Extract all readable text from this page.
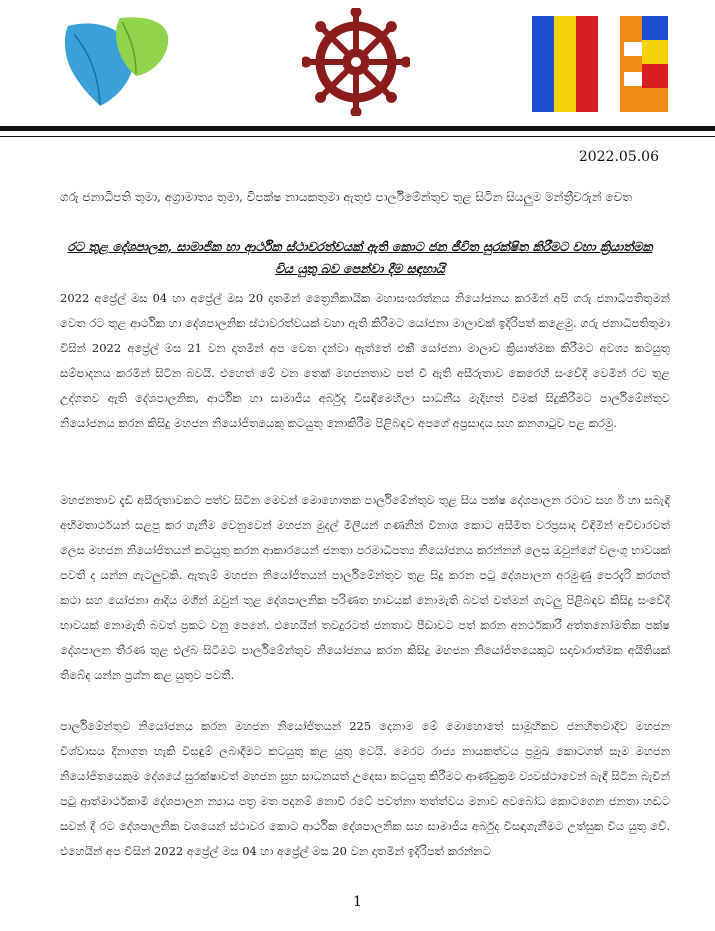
2022.05.06
ගරු ජනාධිපති තුමා, අග්‍රාමාත්‍ය තුමා, විපක්ෂ නායකතුමා ඇතුළු පාර්ලිමේන්තුව තුළ සිටින සියලුම මන්ත්‍රීවරුන් වෙත
රට තුළ දේශපාලන, සාමාජික හා ආර්ථික ස්ථාවරත්වයක් ඇති කොට ජන ජීවිත සුරක්ෂිත කිරීමට වහා ක්‍රියාත්මක විය යුතු බව පෙන්වා දීම සඳහායි
2022 අප්‍රේල් මස 04 හා අප්‍රේල් මස 20 දාතමින් ත්‍රෛනිකායික මහාසංඝරත්නය නියෝජනය කරමින් අපි ගරු ජනාධිපතිතුමන් වෙත රට තුළ ආර්ථික හා දේශපාලනික ස්ථාවරත්වයක් වහා ඇති කිරීමට යෝජනා මාලාවක් ඉදිරිපත් කළෙමු. ගරු ජනාධිපතිතුමා විසින් 2022 අප්‍රේල් මස 21 වන දාතමින් අප වෙත දන්වා ඇත්තේ එකී යෝජනා මාලාව ක්‍රියාත්මක කිරීමට අවශ්‍ය කටයුතු සම්පාදනය කරමින් සිටින බවයි. එහෙත් මේ වන තෙක් මහජනතාව පත් වී ඇති අසීරුතාව කෙරෙහි සංවේදී වෙමින් රට තුළ උද්ගතව ඇති දේශපාලනික, ආර්ථික හා සාමාජීය අර්බුද විසඳීමෙහිලා සාධනීය මැදිහත් වීමක් සිදුකිරීමට පාර්ලිමේන්තුව නියෝජනය කරන කිසිදු මහජන නියෝජිතයෙකු කටයුතු නොකිරීම පිළිබඳව අපගේ අප්‍රසාදය සහ කනගාටුව පළ කරමු.
මහජනතාව දැඩි අසීරුතාවකට පත්ව සිටින මෙවන් මොහොතක පාර්ලිමේන්තුව තුළ සිය පක්ෂ දේශපාලන රටාව සහ ඊ හා සබැඳි අභිමතාර්ථයන් සළපු කර ගැනීම වෙනුවෙන් මහජන මුදල් මිලියන් ගණනින් විනාශ කොට අසීමිත වරප්‍රසාද විඳිමින් අවිචාරවත් ලෙස මහජන නියෝජිතයන් කටයුතු කරන ආකාරයෙන් ජනතා පරමාධිපත්‍ය නියෝජනය කරන්නන් ලෙස ඔවුන්ගේ වලංගු භාවයක් පවතී ද යන්න ගැටලුවකි. ඇතැම් මහජන නියෝජිතයන් පාර්ලිමේන්තුව තුළ සිදු කරන පටු දේශපාලන අරමුණු පෙරදැරි කරගත් කථා සහ යෝජනා ආදිය මගින් ඔවුන් තුළ දේශපාලනික පරිණත භාවයක් නොමැති බවත් වත්මන් ගැටලු පිළිබඳව කිසිදු සංවේදී භාවයක් නොමැති බවත් ප්‍රකට වනු පෙනේ. එහෙයින් තවදුරටත් ජනතාව පීඩාවට පත් කරන අනර්ථකාරී අත්තනෝමතික පක්ෂ දේශපාලන තීරණ තුළ එල්බ සිටීමට පාර්ලිමේන්තුව නියෝජනය කරන කිසිදු මහජන නියෝජිතයෙකුට සදාචාරාත්මක අයිතියක් තිබේද යන්න ප්‍රශ්න කළ යුතුව පවතී.
පාර්ලිමේන්තුව නියෝජනය කරන මහජන නියෝජිතයන් 225 දෙනාම මේ මොහොතේ සාමූහිකව ජනහිතවාදීව මහජන විශ්වාසය දිනාගත හැකි විසඳුම් ලබාදීමට කටයුතු කළ යුතු වෙයි. මෙරට රාජ්‍ය නායකත්වය ප්‍රමුඛ කොටගත් සෑම මහජන නියෝජිතයෙකුම දේශයේ සුරක්ෂාවත් මහජන සුභ සාධනයත් උදෙසා කටයුතු කිරීමට ආණ්ඩුක්‍රම ව්‍යවස්ථාවෙන් බැඳී සිටින බැවින් පටු ආත්මාර්ථකාමී දේශපාලන න්‍යාය පත්‍ර මත පදනම් නොවී රටේ පවත්නා තත්ත්වය මනාව අවබෝධ කොටගෙන ජනතා හඬට සවන් දී රට දේශපාලනික වශයෙන් ස්ථාවර කොට ආර්ථික දේශපාලනික සහ සාමාජීය අර්බුද විසඳාගැනීමට උත්සුක විය යුතු වේ. එහෙයින් අප විසින් 2022 අප්‍රේල් මස 04 හා අප්‍රේල් මස 20 වන දාතමින් ඉදිරිපත් කරන්නට
1
